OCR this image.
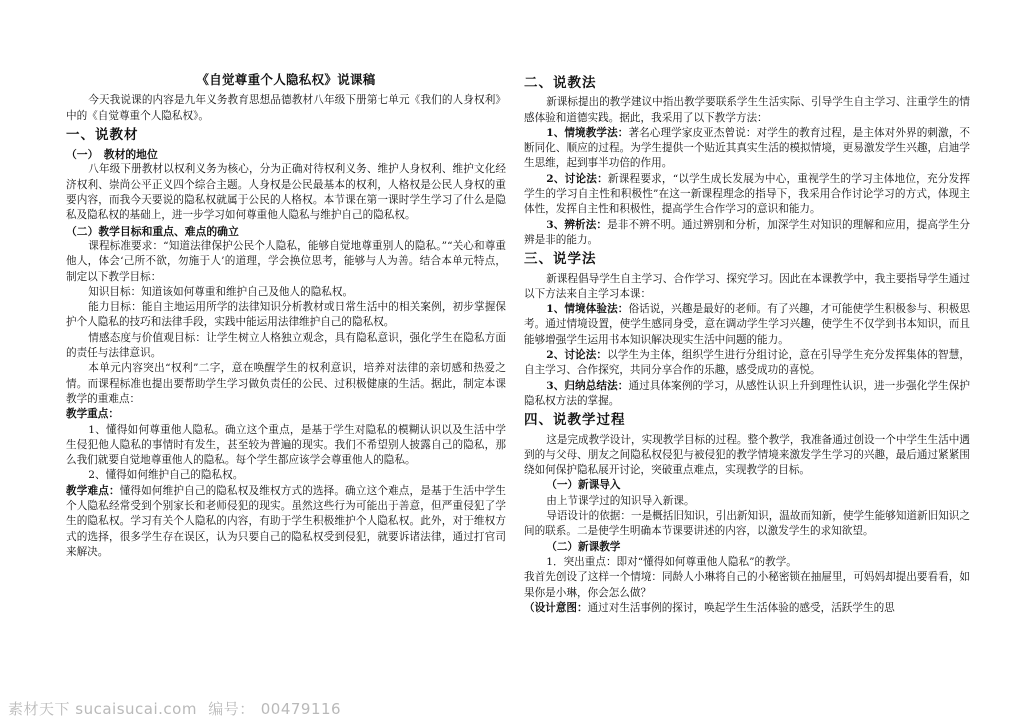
《自觉尊重个人隐私权》说课稿

今天我说课的内容是九年义务教育思想品德教材八年级下册第七单元《我们的人身权利》中的《自觉尊重个人隐私权》。

一、说教材
（一）　教材的地位

八年级下册教材以权利义务为核心，分为正确对待权利义务、维护人身权利、维护文化经济权利、崇尚公平正义四个综合主题。人身权是公民最基本的权利，人格权是公民人身权的重要内容，而我今天要说的隐私权就属于公民的人格权。本节课在第一课时学生学习了什么是隐私及隐私权的基础上，进一步学习如何尊重他人隐私与维护自己的隐私权。

（二）教学目标和重点、难点的确立

课程标准要求：“知道法律保护公民个人隐私，能够自觉地尊重别人的隐私。”“关心和尊重他人，体会‘己所不欲，勿施于人’的道理，学会换位思考，能够与人为善。结合本单元特点，制定以下教学目标：

知识目标：知道该如何尊重和维护自己及他人的隐私权。

能力目标：能自主地运用所学的法律知识分析教材或日常生活中的相关案例，初步掌握保护个人隐私的技巧和法律手段，实践中能运用法律维护自己的隐私权。

情感态度与价值观目标：让学生树立人格独立观念，具有隐私意识，强化学生在隐私方面的责任与法律意识。

本单元内容突出“权利”二字，意在唤醒学生的权利意识，培养对法律的亲切感和热爱之情。而课程标准也提出要帮助学生学习做负责任的公民、过积极健康的生活。据此，制定本课教学的重难点：

教学重点：

1、懂得如何尊重他人隐私。确立这个重点，是基于学生对隐私的模糊认识以及生活中学生侵犯他人隐私的事情时有发生，甚至较为普遍的现实。我们不希望别人披露自己的隐私，那么我们就要自觉地尊重他人的隐私。每个学生都应该学会尊重他人的隐私。

2、懂得如何维护自己的隐私权。

教学难点：懂得如何维护自己的隐私权及维权方式的选择。确立这个难点，是基于生活中学生个人隐私经常受到个别家长和老师侵犯的现实。虽然这些行为可能出于善意，但严重侵犯了学生的隐私权。学习有关个人隐私的内容，有助于学生积极维护个人隐私权。此外，对于维权方式的选择，很多学生存在误区，认为只要自己的隐私权受到侵犯，就要诉诸法律，通过打官司来解决。

二、说教法

新课标提出的教学建议中指出教学要联系学生生活实际、引导学生自主学习、注重学生的情感体验和道德实践。据此，我采用了以下教学方法：

1、情境教学法：著名心理学家皮亚杰曾说：对学生的教育过程，是主体对外界的刺激，不断同化、顺应的过程。为学生提供一个贴近其真实生活的模拟情境，更易激发学生兴趣，启迪学生思维，起到事半功倍的作用。

2、讨论法：新课程要求，“以学生成长发展为中心，重视学生的学习主体地位，充分发挥学生的学习自主性和积极性”在这一新课程理念的指导下，我采用合作讨论学习的方式，体现主体性，发挥自主性和积极性，提高学生合作学习的意识和能力。

3、辨析法：是非不辨不明。通过辨别和分析，加深学生对知识的理解和应用，提高学生分辨是非的能力。

三、说学法

新课程倡导学生自主学习、合作学习、探究学习。因此在本课教学中，我主要指导学生通过以下方法来自主学习本课：

1、情境体验法：俗话说，兴趣是最好的老师。有了兴趣，才可能使学生积极参与、积极思考。通过情境设置，使学生感同身受，意在调动学生学习兴趣，使学生不仅学到书本知识，而且能够增强学生运用书本知识解决现实生活中问题的能力。

2、讨论法：以学生为主体，组织学生进行分组讨论，意在引导学生充分发挥集体的智慧，自主学习、合作探究，共同分享合作的乐趣，感受成功的喜悦。

3、归纳总结法：通过具体案例的学习，从感性认识上升到理性认识，进一步强化学生保护隐私权方法的掌握。

四、说教学过程

这是完成教学设计，实现教学目标的过程。整个教学，我准备通过创设一个中学生生活中遇到的与父母、朋友之间隐私权侵犯与被侵犯的教学情境来激发学生学习的兴趣，最后通过紧紧围绕如何保护隐私展开讨论，突破重点难点，实现教学的目标。

（一）新课导入

由上节课学过的知识导入新课。

导语设计的依据：一是概括旧知识，引出新知识，温故而知新，使学生能够知道新旧知识之间的联系。二是使学生明确本节课要讲述的内容，以激发学生的求知欲望。

（二）新课教学

1．突出重点：即对“懂得如何尊重他人隐私”的教学。

我首先创设了这样一个情境：同龄人小琳将自己的小秘密锁在抽屉里，可妈妈却提出要看看，如果你是小琳，你会怎么做？

（设计意图：通过对生活事例的探讨，唤起学生生活体验的感受，活跃学生的思

素材天下 sucaisucai.com 编号： 00479116
